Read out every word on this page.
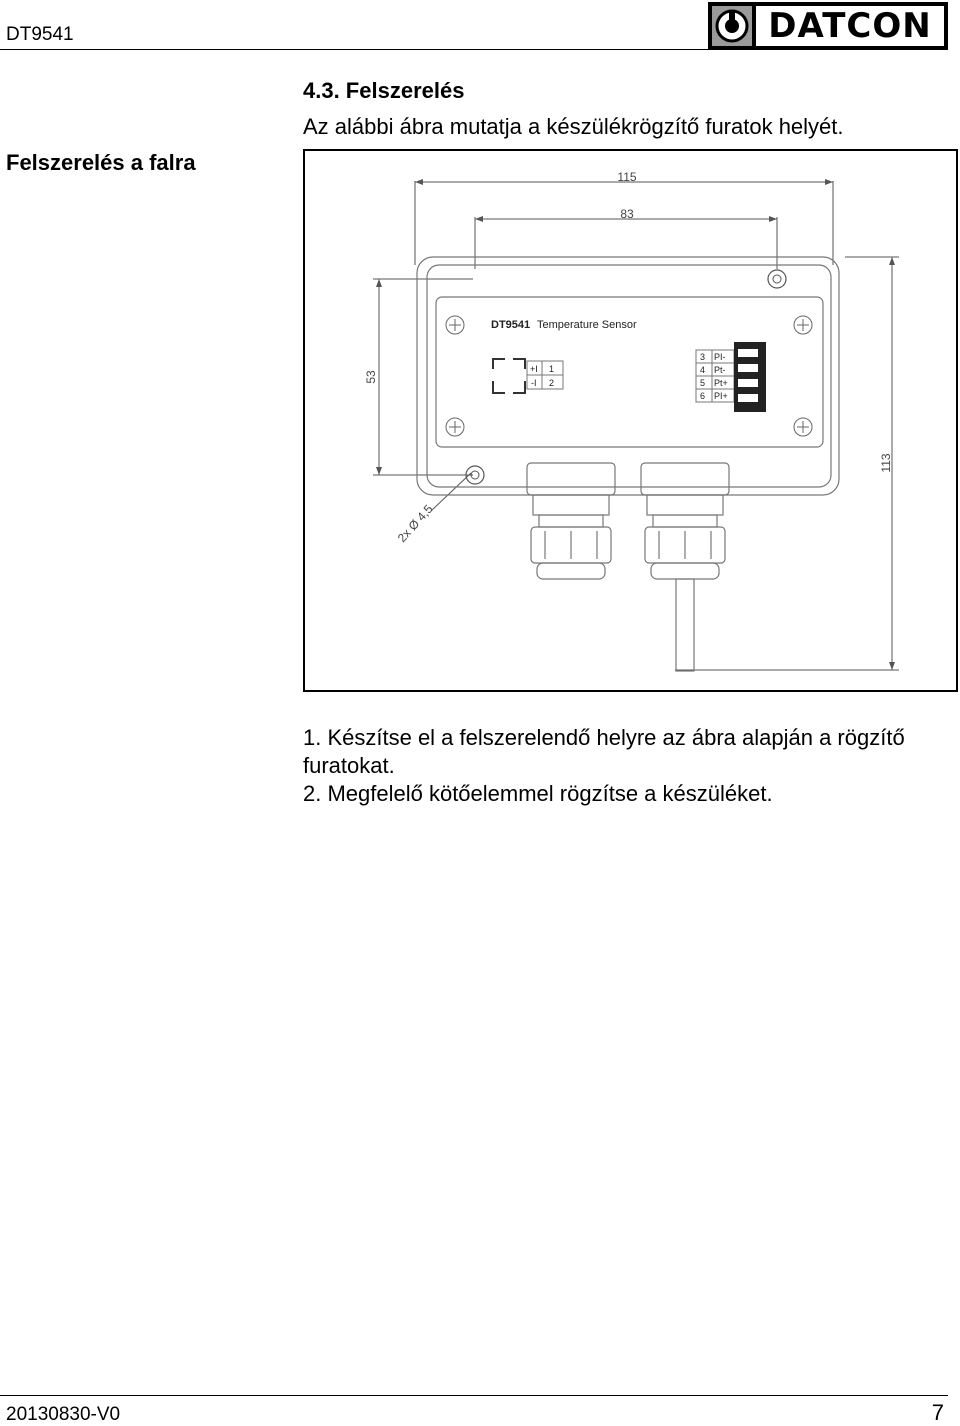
DT9541	DATCON
Felszerelés a falra
4.3. Felszerelés
Az alábbi ábra mutatja a készülékrögzítő furatok helyét.
115
83
53
113
2x Ø 4,5
DT9541 Temperature Sensor
+I 1
-I 2
3 PI-
4 Pt-
5 Pt+
6 PI+

1. Készítse el a felszerelendő helyre az ábra alapján a rögzítő furatokat.

2. Megfelelő kötőelemmel rögzítse a készüléket.

20130830-V0	7
